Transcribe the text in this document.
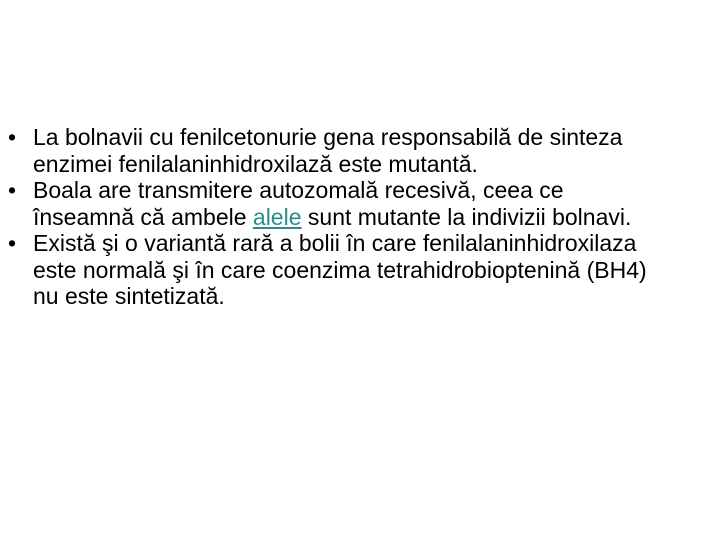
• La bolnavii cu fenilcetonurie gena responsabilă de sinteza enzimei fenilalaninhidroxilază este mutantă.
• Boala are transmitere autozomală recesivă, ceea ce înseamnă că ambele alele sunt mutante la indivizii bolnavi.
• Există şi o variantă rară a bolii în care fenilalaninhidroxilaza este normală şi în care coenzima tetrahidrobioptenină (BH4) nu este sintetizată.
